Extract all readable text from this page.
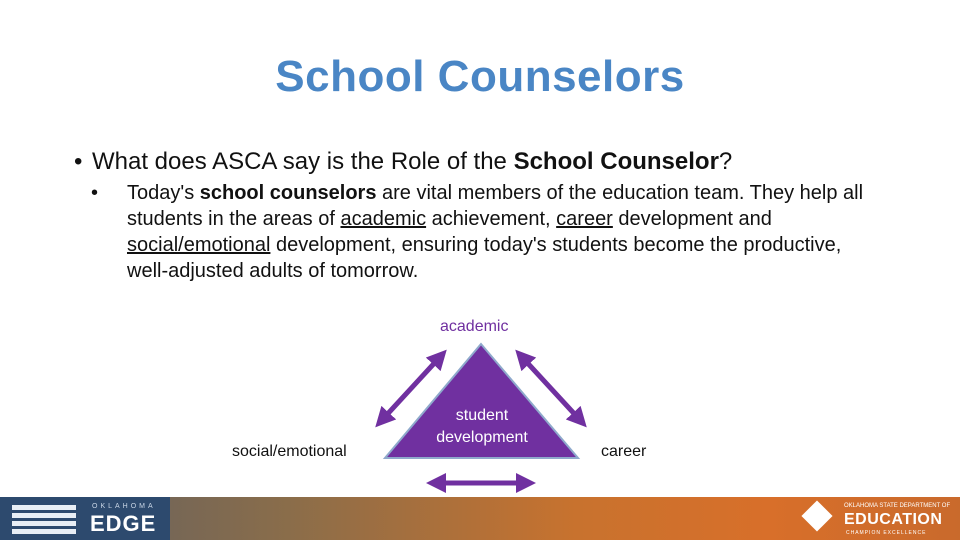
School Counselors
• What does ASCA say is the Role of the School Counselor?
• Today's school counselors are vital members of the education team. They help all students in the areas of academic achievement, career development and social/emotional development, ensuring today's students become the productive, well-adjusted adults of tomorrow.
student
development
academic
social/emotional	career
OKLAHOMA
EDGE
OKLAHOMA STATE DEPARTMENT OF
EDUCATION
CHAMPION EXCELLENCE
